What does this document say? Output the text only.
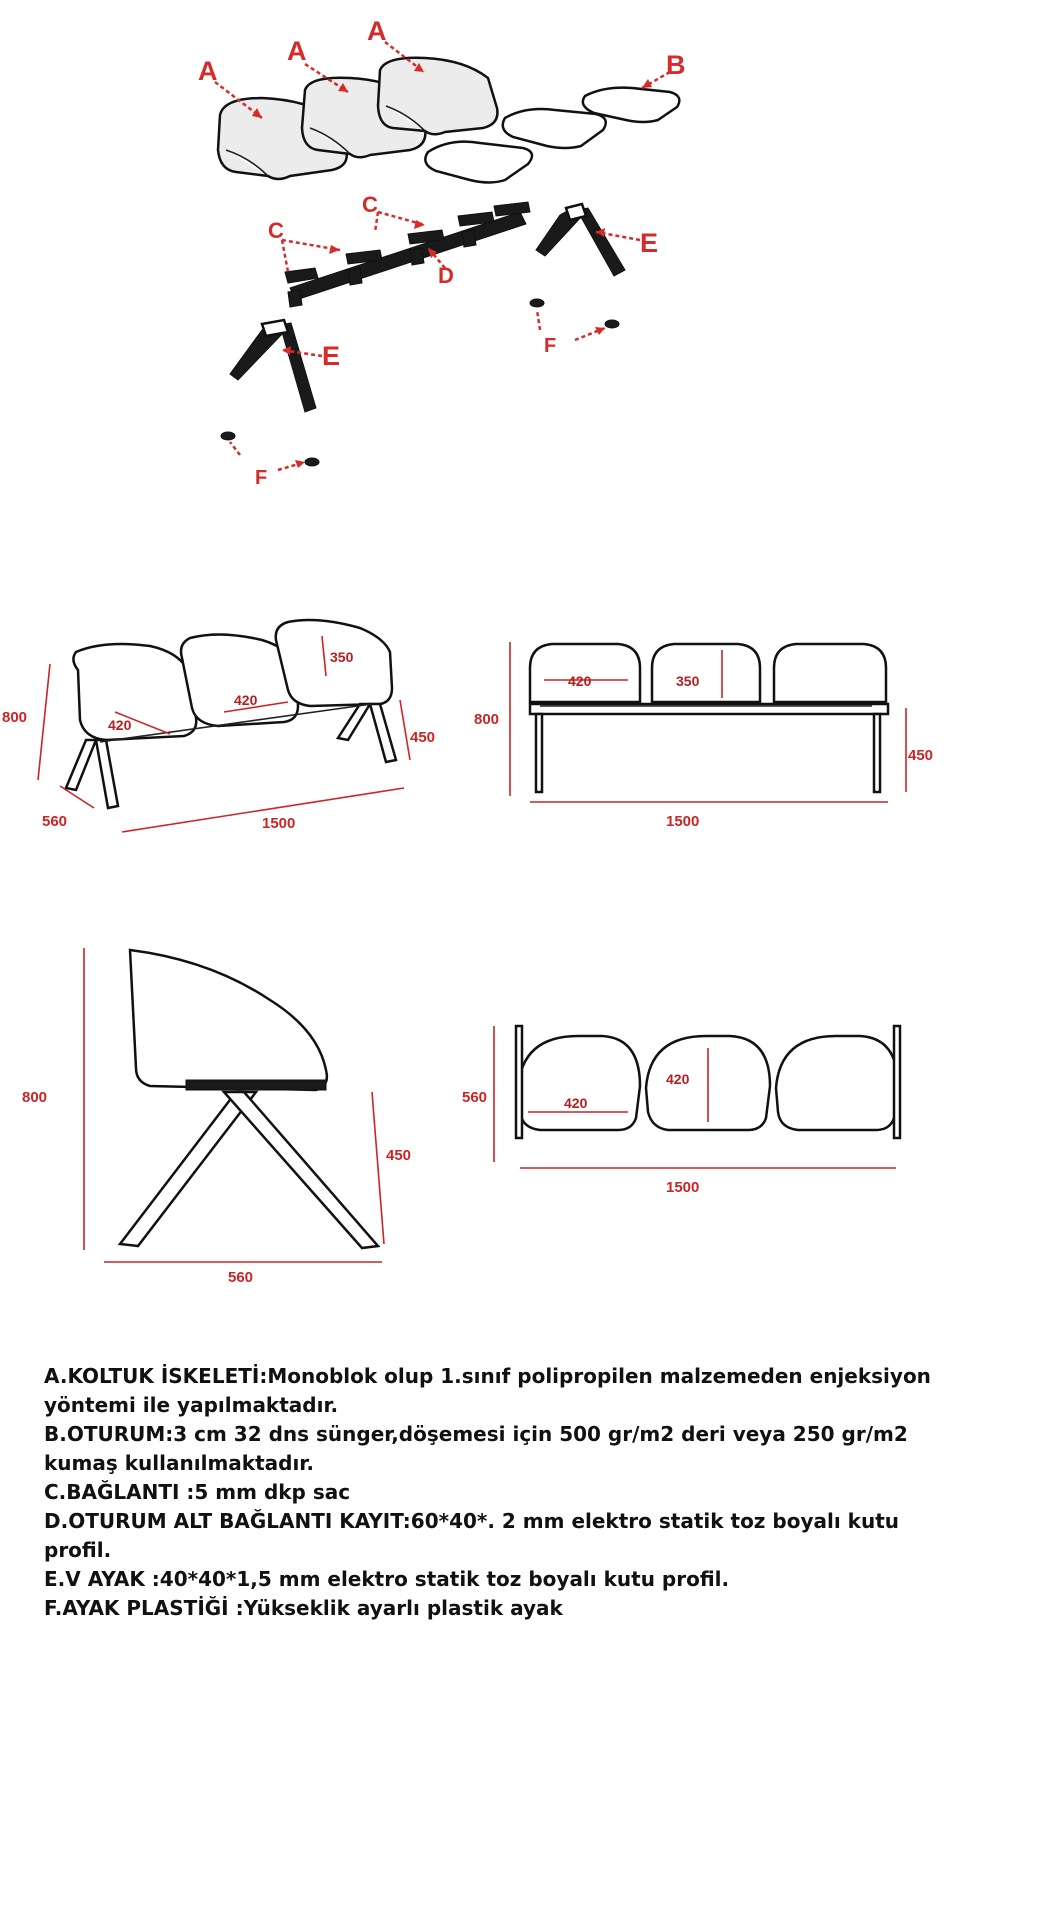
A
A
A
B
C
C
D
E
E	F
F
800
560	1500
450
420
420
350
800
1500
450
420	350
800
560
450
560
1500
420
420
A.KOLTUK İSKELETİ:Monoblok olup 1.sınıf polipropilen malzemeden enjeksiyon
yöntemi ile yapılmaktadır.
B.OTURUM:3 cm 32 dns sünger,döşemesi için 500 gr/m2 deri veya 250 gr/m2
kumaş kullanılmaktadır.
C.BAĞLANTI :5 mm dkp sac
D.OTURUM ALT BAĞLANTI KAYIT:60*40*. 2 mm elektro statik toz boyalı kutu
profil.
E.V AYAK :40*40*1,5 mm elektro statik toz boyalı kutu profil.
F.AYAK PLASTİĞİ :Yükseklik ayarlı plastik ayak
